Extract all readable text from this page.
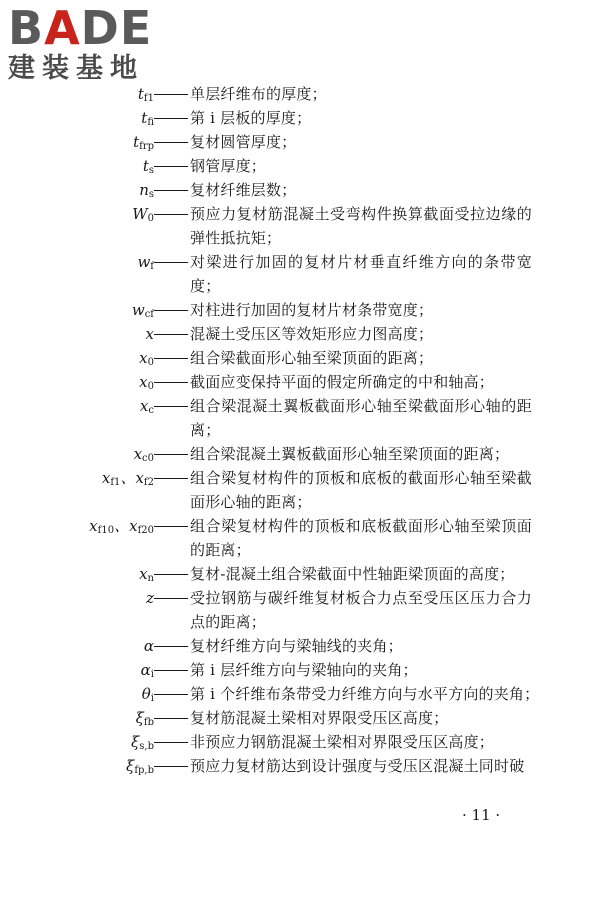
BADE
建装基地
$t_{f1}$ 单层纤维布的厚度；
$t_{fi}$ 第 i 层板的厚度；
$t_{frp}$ 复材圆管厚度；
$t_s$ 钢管厚度；
$n_s$ 复材纤维层数；
$W_0$ 预应力复材筋混凝土受弯构件换算截面受拉边缘的弹性抵抗矩；
$w_f$ 对梁进行加固的复材片材垂直纤维方向的条带宽度；
$w_{cf}$ 对柱进行加固的复材片材条带宽度；
x 混凝土受压区等效矩形应力图高度；
$x_0$ 组合梁截面形心轴至梁顶面的距离；
$x_0$ 截面应变保持平面的假定所确定的中和轴高；
$x_c$ 组合梁混凝土翼板截面形心轴至梁截面形心轴的距离；
$x_{c0}$ 组合梁混凝土翼板截面形心轴至梁顶面的距离；
$x_{f1}$、$x_{f2}$ 组合梁复材构件的顶板和底板的截面形心轴至梁截面形心轴的距离；
$x_{f10}$、$x_{f20}$ 组合梁复材构件的顶板和底板截面形心轴至梁顶面的距离；
$x_n$ 复材-混凝土组合梁截面中性轴距梁顶面的高度；
z 受拉钢筋与碳纤维复材板合力点至受压区压力合力点的距离；
α 复材纤维方向与梁轴线的夹角；
$\alpha_i$ 第 i 层纤维方向与梁轴向的夹角；
$\theta_i$ 第 i 个纤维布条带受力纤维方向与水平方向的夹角；
$\xi_{fb}$ 复材筋混凝土梁相对界限受压区高度；
$\xi_{s,b}$ 非预应力钢筋混凝土梁相对界限受压区高度；
$\xi_{fp,b}$ 预应力复材筋达到设计强度与受压区混凝土同时破
· 11 ·
